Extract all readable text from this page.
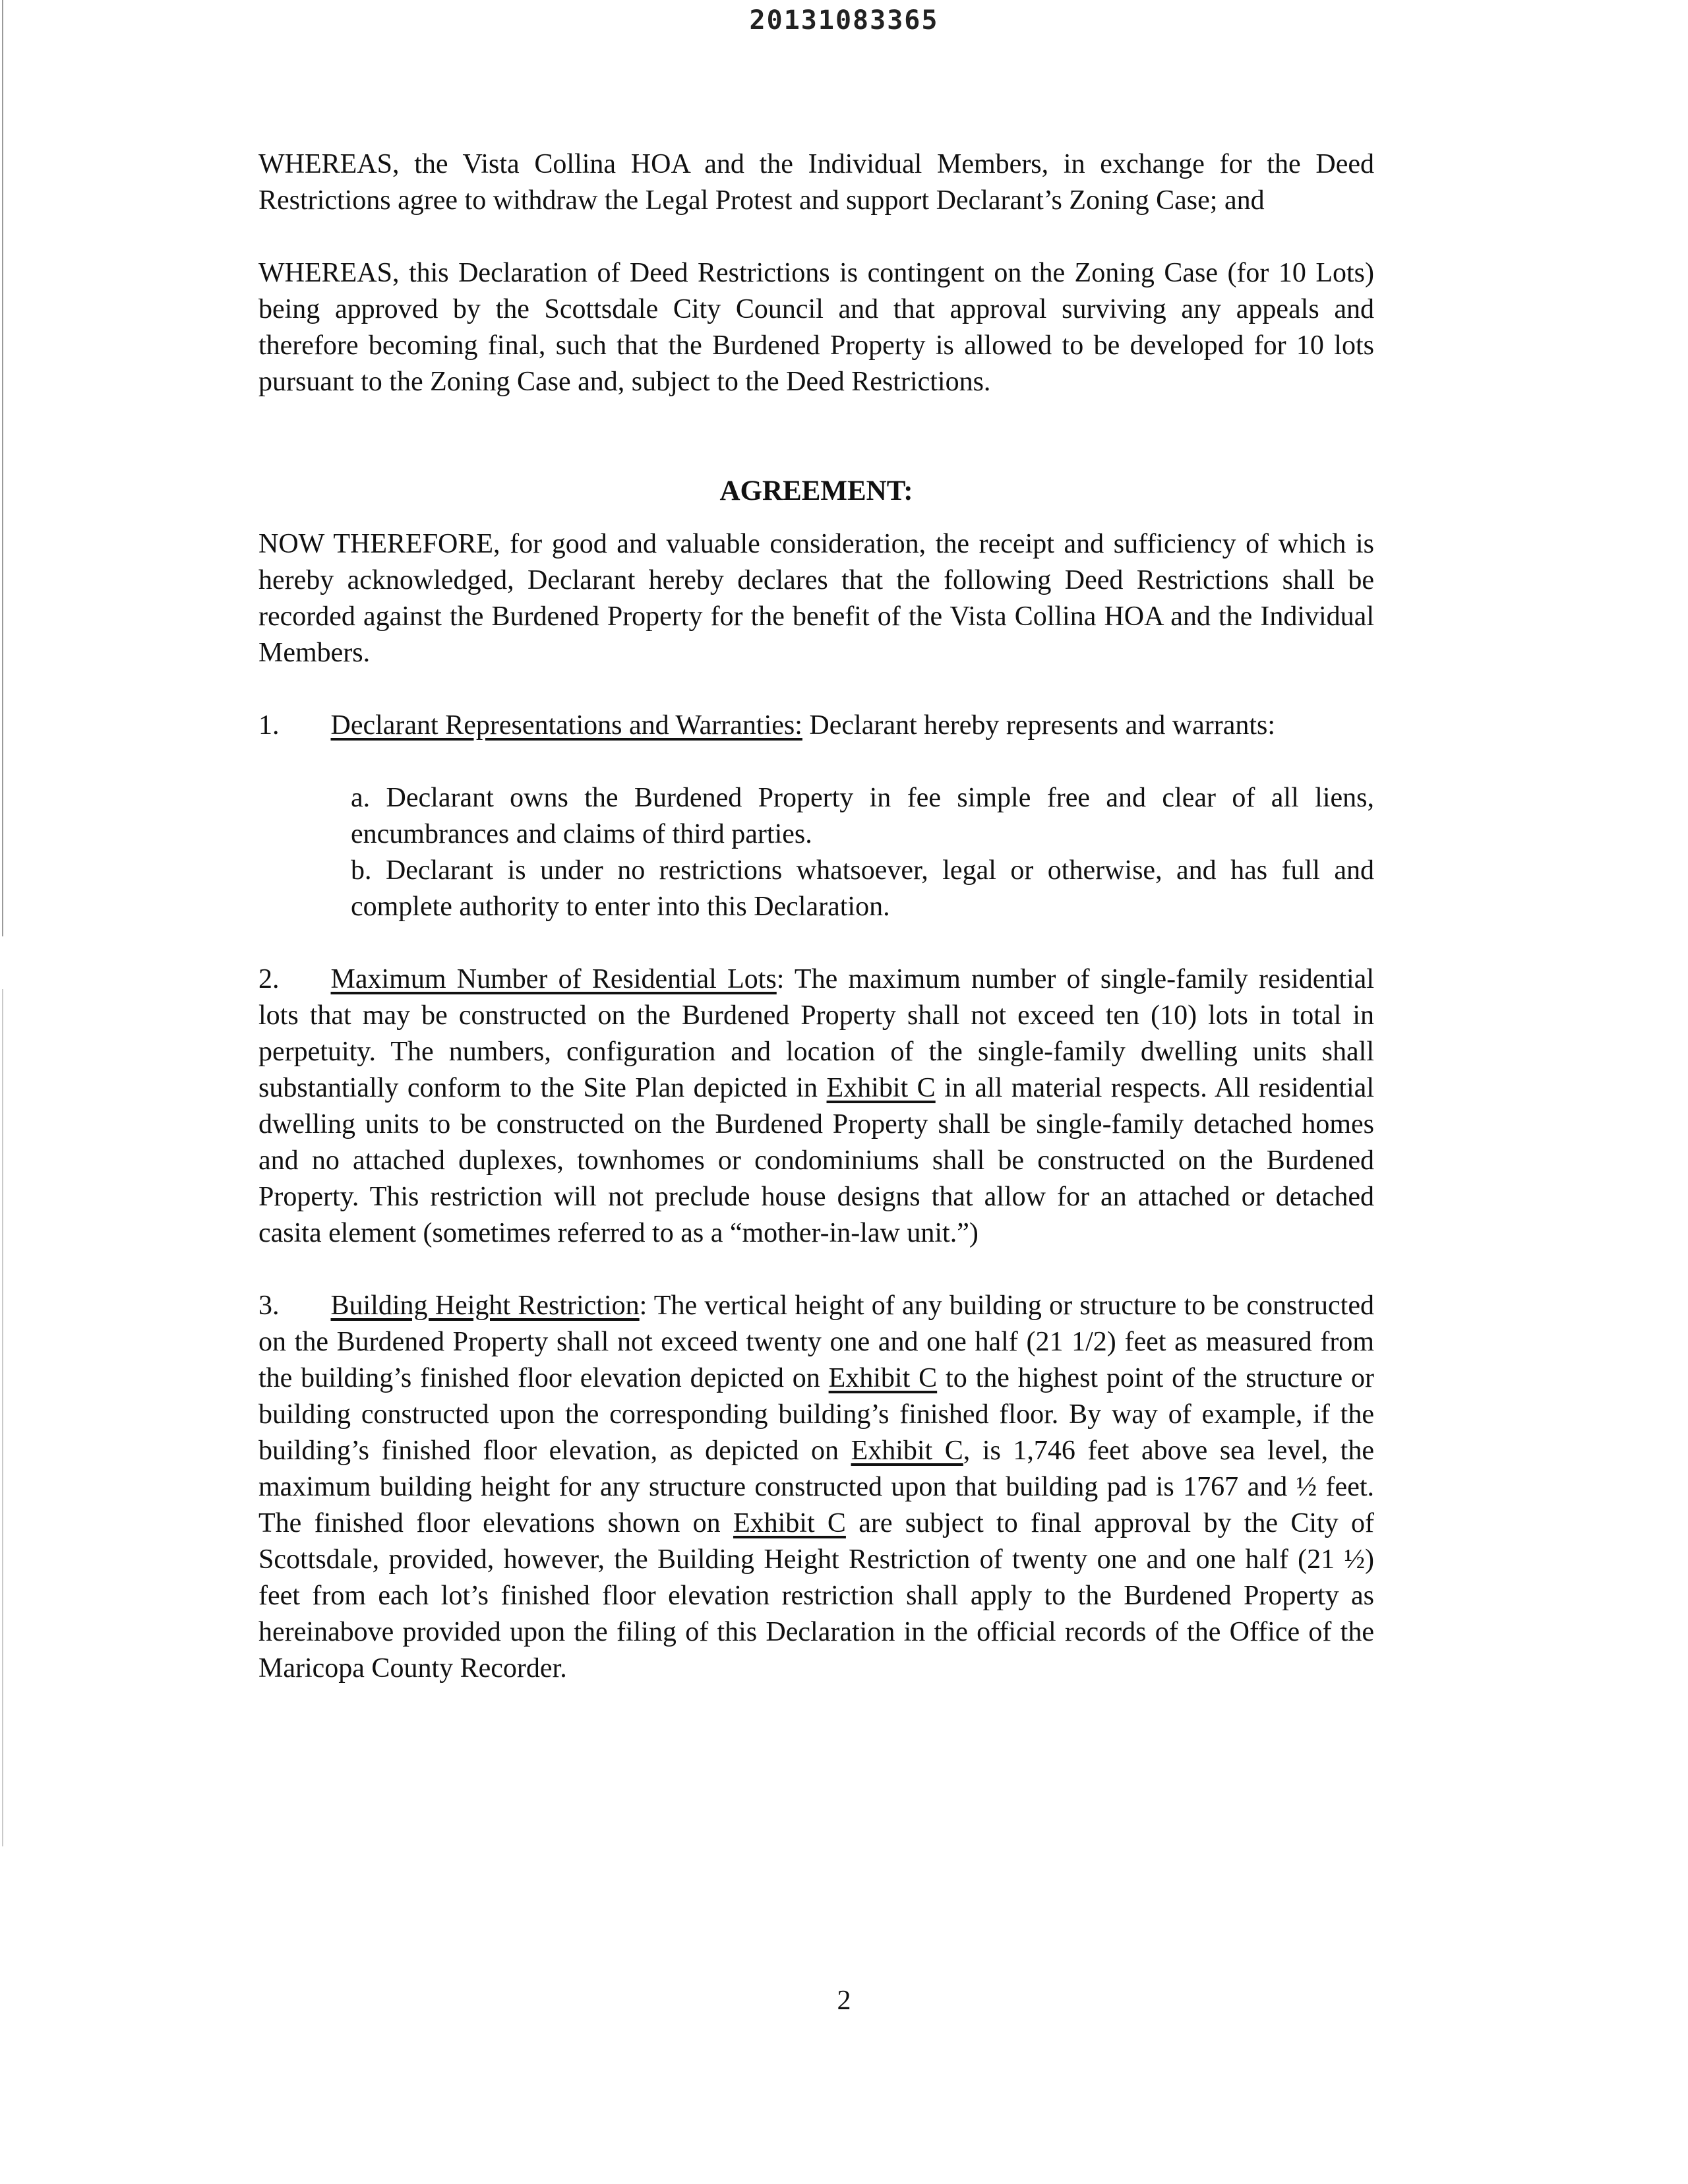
20131083365

WHEREAS, the Vista Collina HOA and the Individual Members, in exchange for the Deed Restrictions agree to withdraw the Legal Protest and support Declarant’s Zoning Case; and

WHEREAS, this Declaration of Deed Restrictions is contingent on the Zoning Case (for 10 Lots) being approved by the Scottsdale City Council and that approval surviving any appeals and therefore becoming final, such that the Burdened Property is allowed to be developed for 10 lots pursuant to the Zoning Case and, subject to the Deed Restrictions.

AGREEMENT:

NOW THEREFORE, for good and valuable consideration, the receipt and sufficiency of which is hereby acknowledged, Declarant hereby declares that the following Deed Restrictions shall be recorded against the Burdened Property for the benefit of the Vista Collina HOA and the Individual Members.

1. Declarant Representations and Warranties: Declarant hereby represents and warrants:

a. Declarant owns the Burdened Property in fee simple free and clear of all liens, encumbrances and claims of third parties.

b. Declarant is under no restrictions whatsoever, legal or otherwise, and has full and complete authority to enter into this Declaration.

2. Maximum Number of Residential Lots: The maximum number of single-family residential lots that may be constructed on the Burdened Property shall not exceed ten (10) lots in total in perpetuity. The numbers, configuration and location of the single-family dwelling units shall substantially conform to the Site Plan depicted in Exhibit C in all material respects. All residential dwelling units to be constructed on the Burdened Property shall be single-family detached homes and no attached duplexes, townhomes or condominiums shall be constructed on the Burdened Property. This restriction will not preclude house designs that allow for an attached or detached casita element (sometimes referred to as a “mother-in-law unit.”)

3. Building Height Restriction: The vertical height of any building or structure to be constructed on the Burdened Property shall not exceed twenty one and one half (21 1/2) feet as measured from the building’s finished floor elevation depicted on Exhibit C to the highest point of the structure or building constructed upon the corresponding building’s finished floor. By way of example, if the building’s finished floor elevation, as depicted on Exhibit C, is 1,746 feet above sea level, the maximum building height for any structure constructed upon that building pad is 1767 and ½ feet. The finished floor elevations shown on Exhibit C are subject to final approval by the City of Scottsdale, provided, however, the Building Height Restriction of twenty one and one half (21 ½) feet from each lot’s finished floor elevation restriction shall apply to the Burdened Property as hereinabove provided upon the filing of this Declaration in the official records of the Office of the Maricopa County Recorder.

2
